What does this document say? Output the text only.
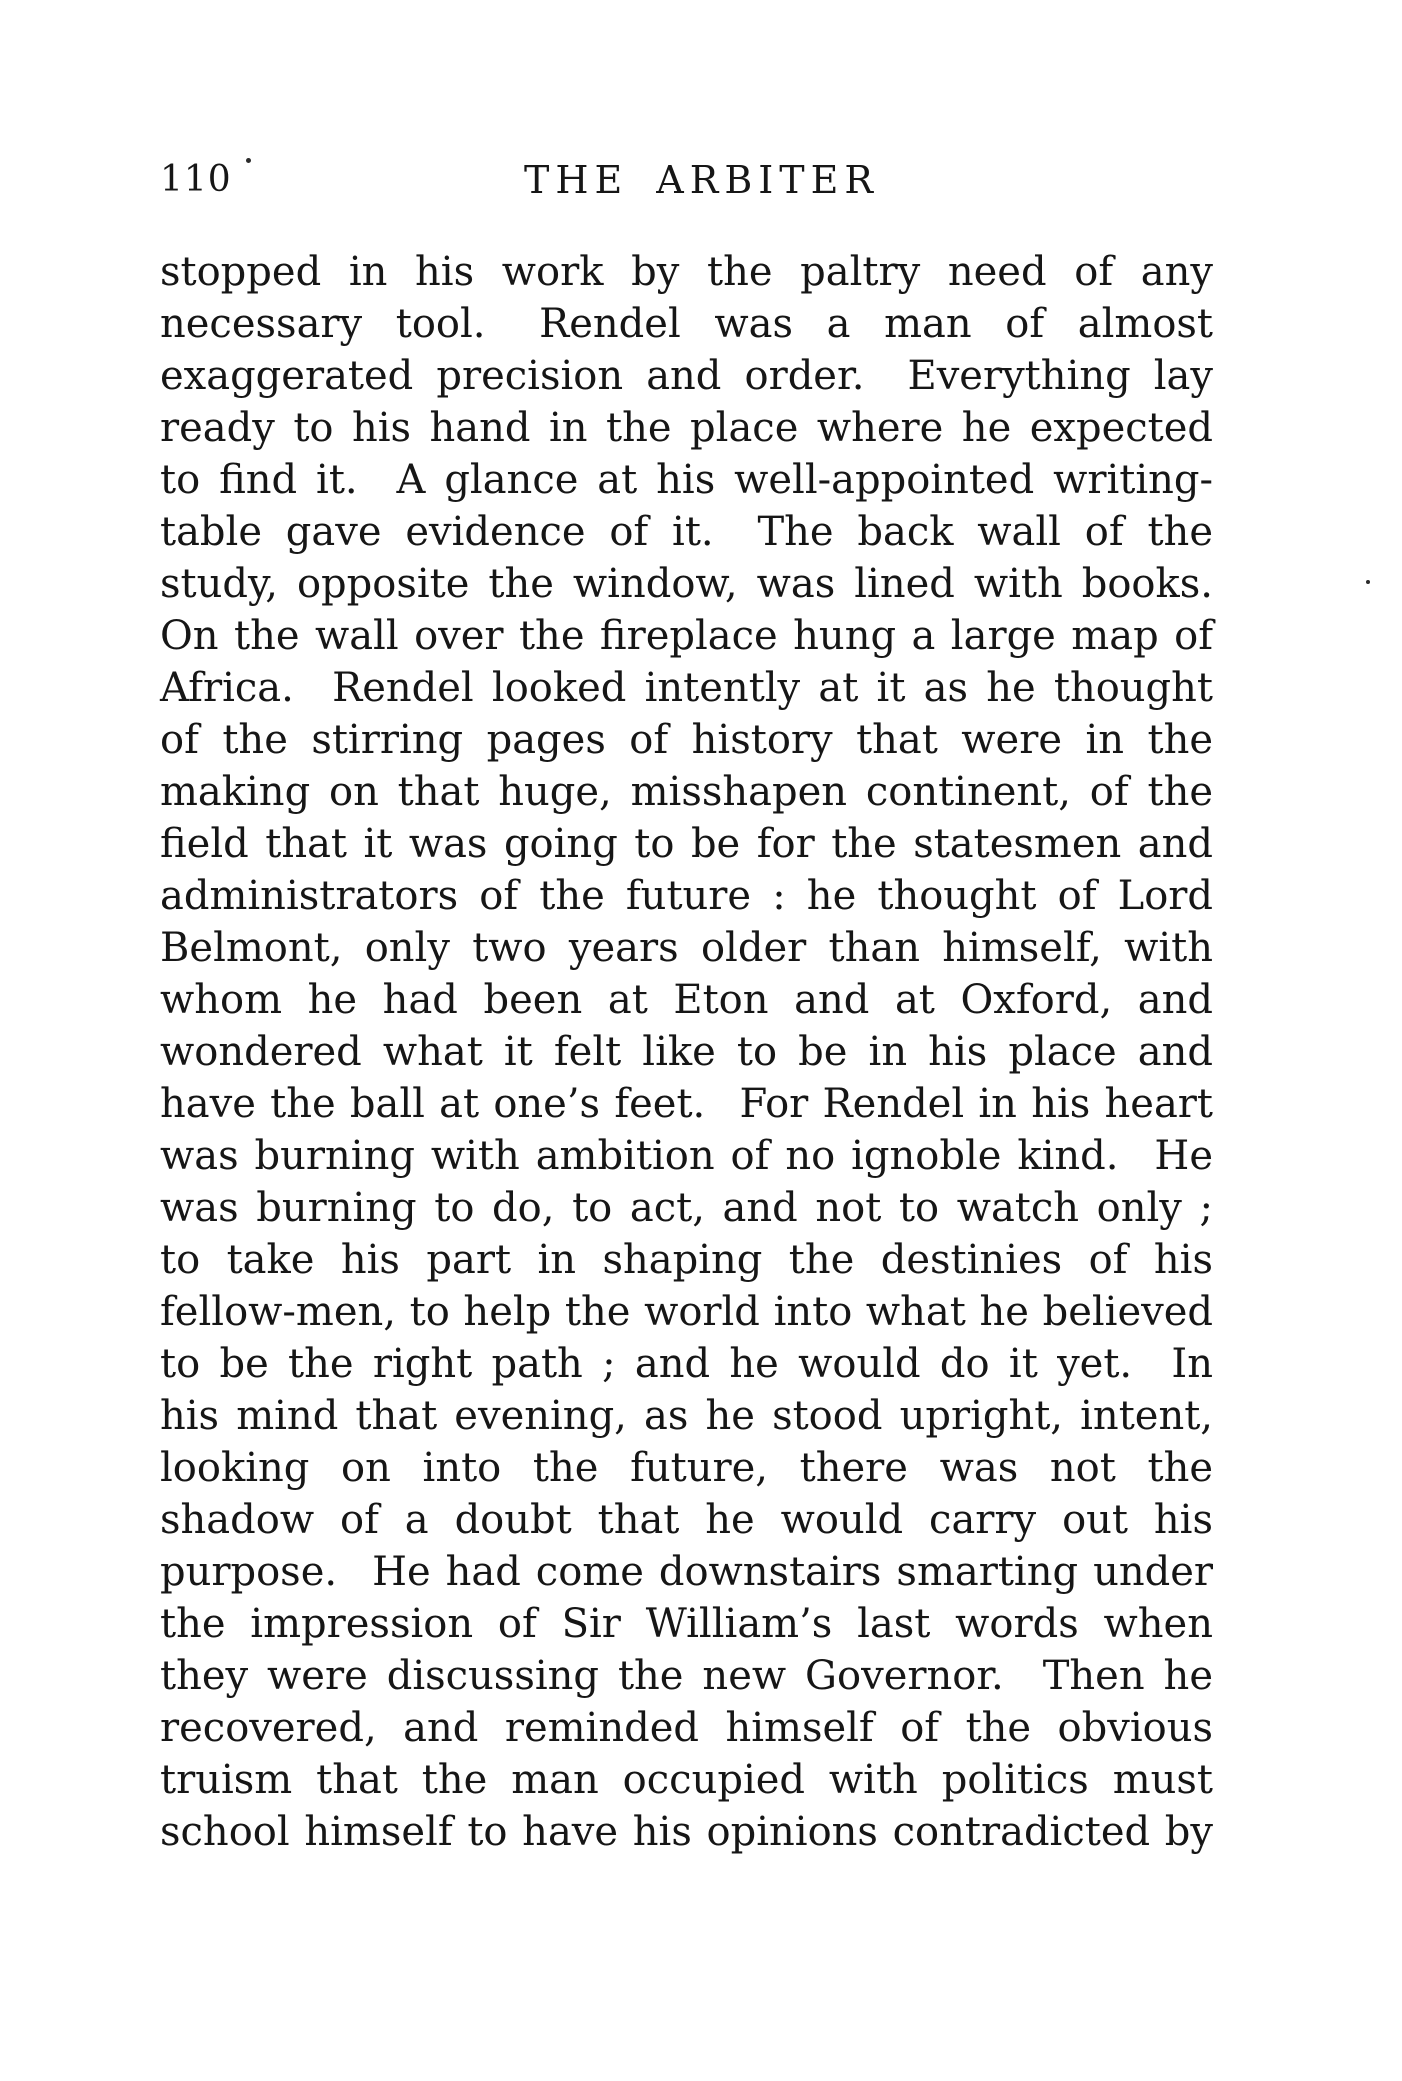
110	THE ARBITER
stopped in his work by the paltry need of any
necessary tool.  Rendel was a man of almost
exaggerated precision and order.  Everything lay
ready to his hand in the place where he expected
to find it.  A glance at his well-appointed writing-
table gave evidence of it.  The back wall of the
study, opposite the window, was lined with books.
On the wall over the fireplace hung a large map of
Africa.  Rendel looked intently at it as he thought
of the stirring pages of history that were in the
making on that huge, misshapen continent, of the
field that it was going to be for the statesmen and
administrators of the future : he thought of Lord
Belmont, only two years older than himself, with
whom he had been at Eton and at Oxford, and
wondered what it felt like to be in his place and
have the ball at one’s feet.  For Rendel in his heart
was burning with ambition of no ignoble kind.  He
was burning to do, to act, and not to watch only ;
to take his part in shaping the destinies of his
fellow-men, to help the world into what he believed
to be the right path ; and he would do it yet.  In
his mind that evening, as he stood upright, intent,
looking on into the future, there was not the
shadow of a doubt that he would carry out his
purpose.  He had come downstairs smarting under
the impression of Sir William’s last words when
they were discussing the new Governor.  Then he
recovered, and reminded himself of the obvious
truism that the man occupied with politics must
school himself to have his opinions contradicted by
